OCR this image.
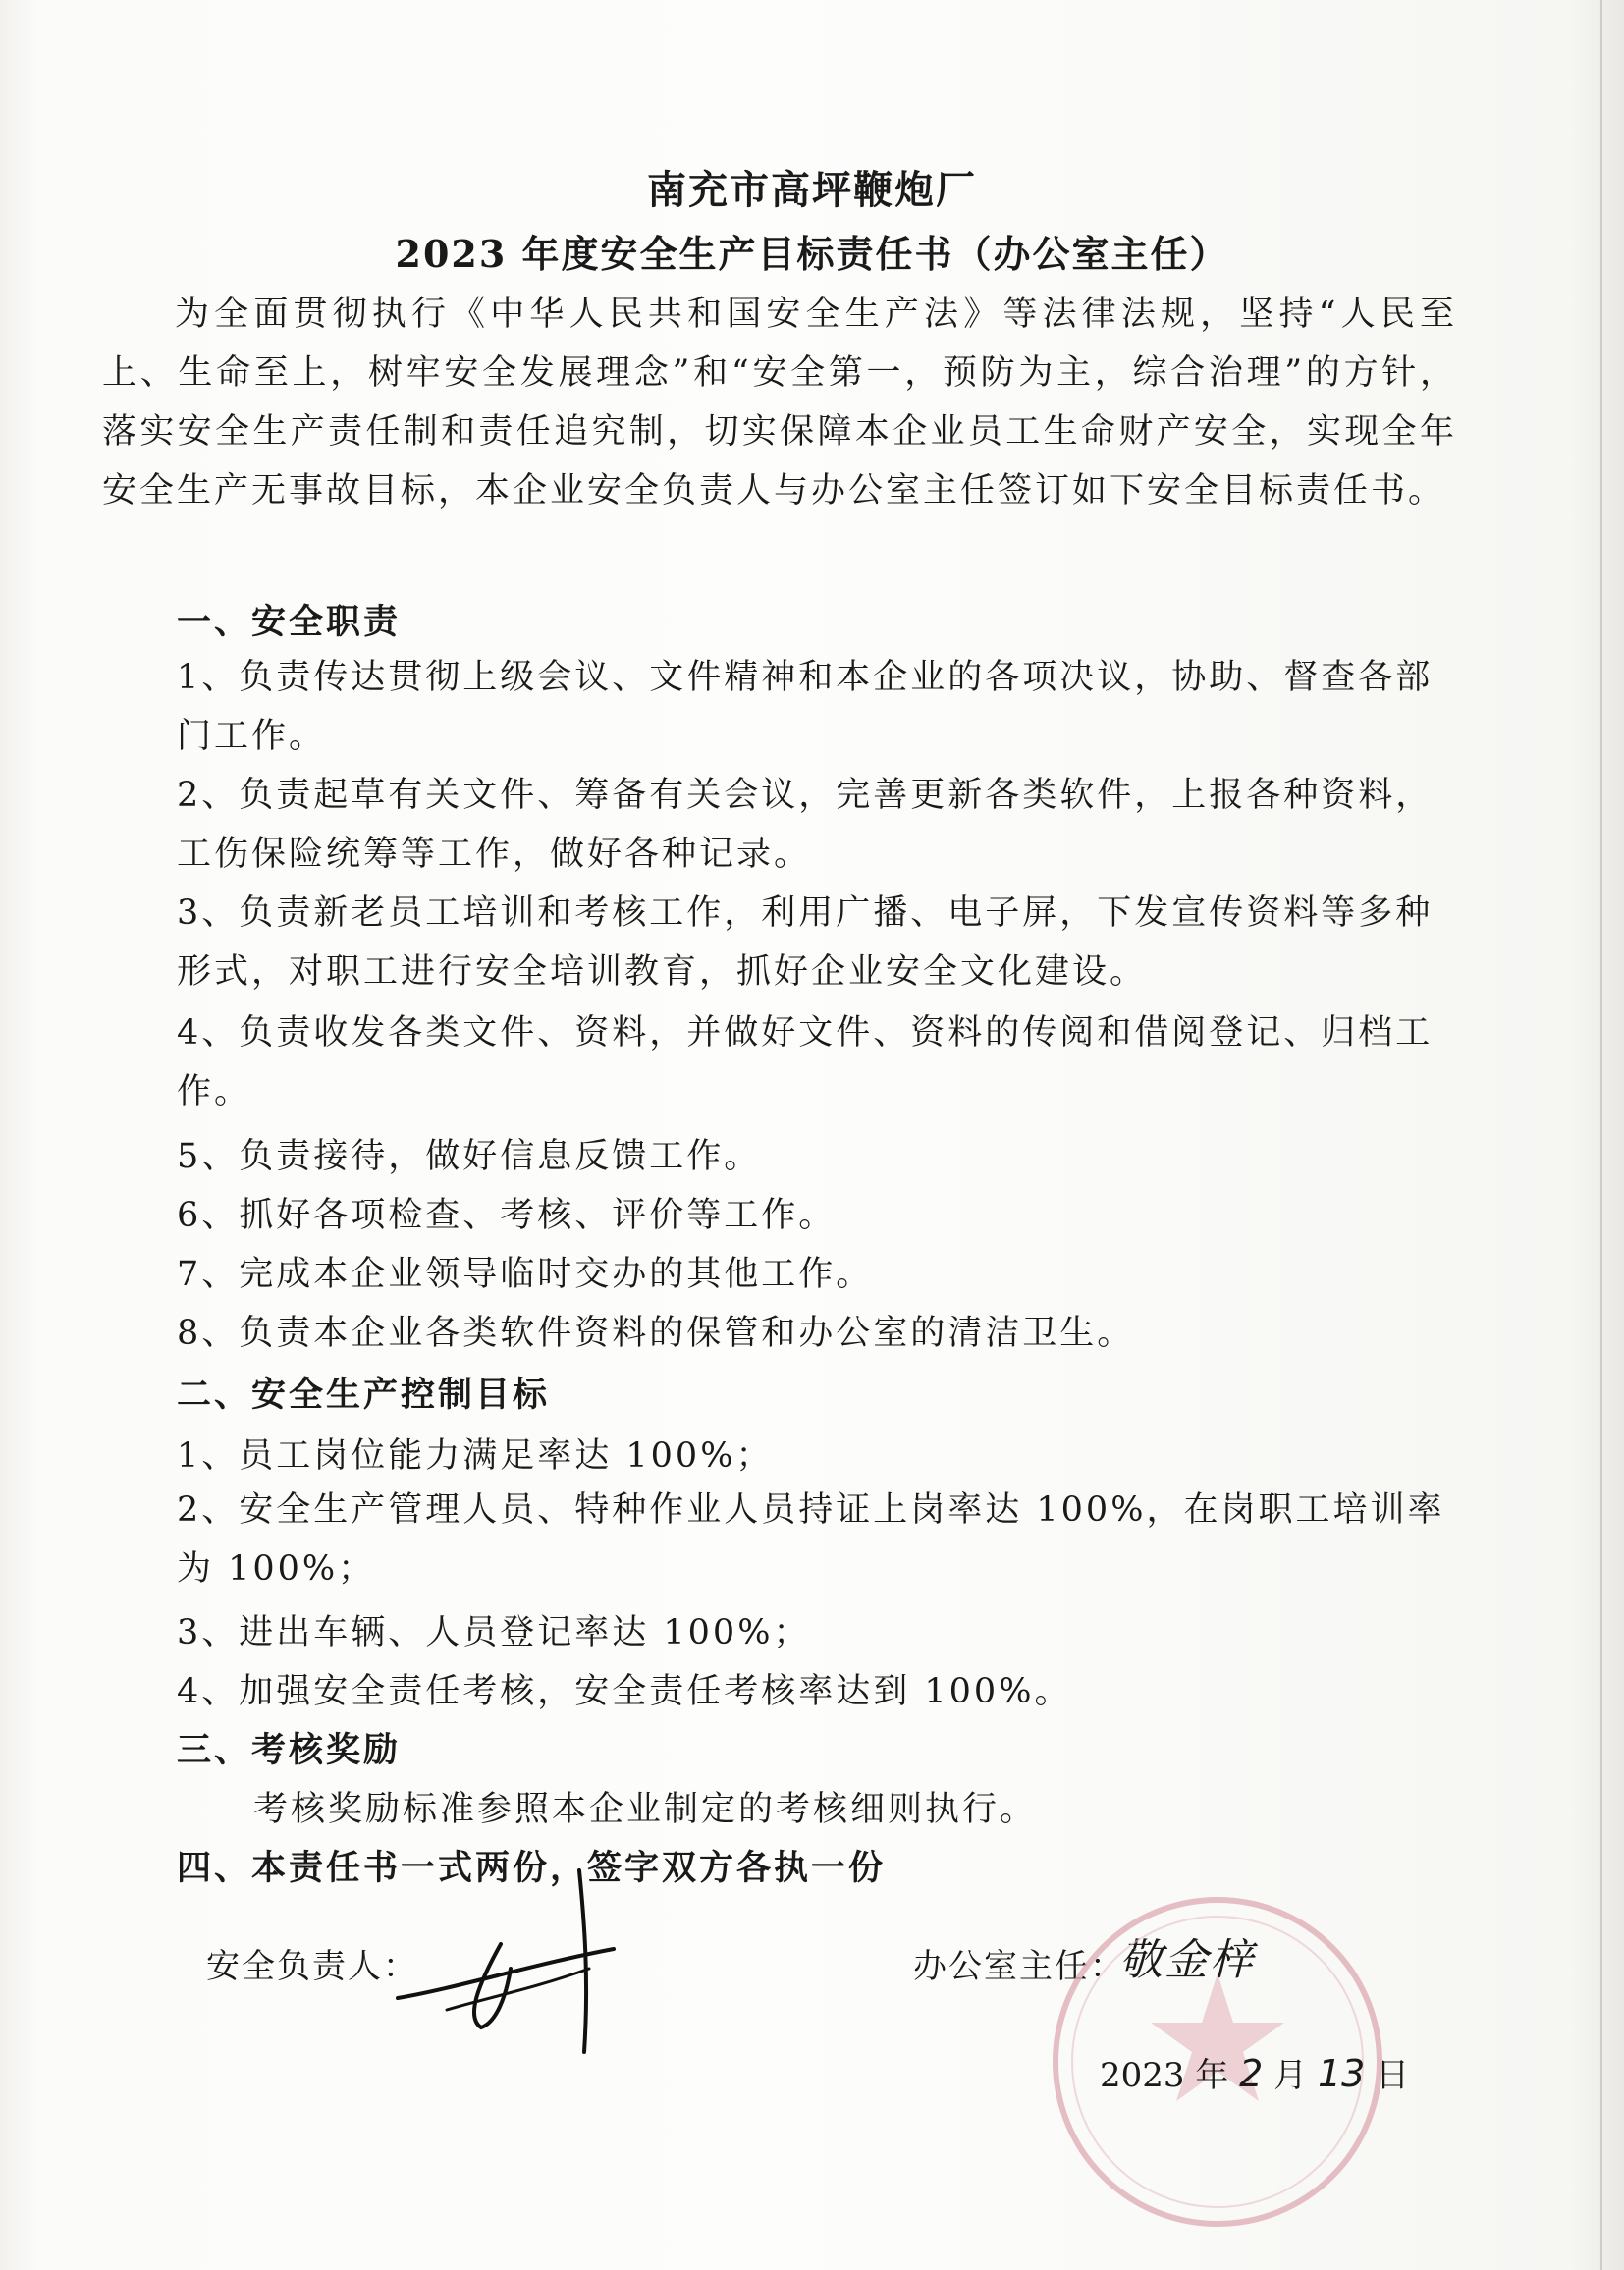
南充市高坪鞭炮厂
2023 年度安全生产目标责任书（办公室主任）
为全面贯彻执行《中华人民共和国安全生产法》等法律法规，坚持“人民至上、生命至上，树牢安全发展理念”和“安全第一，预防为主，综合治理”的方针，落实安全生产责任制和责任追究制，切实保障本企业员工生命财产安全，实现全年安全生产无事故目标，本企业安全负责人与办公室主任签订如下安全目标责任书。
一、安全职责
1、负责传达贯彻上级会议、文件精神和本企业的各项决议，协助、督查各部门工作。
2、负责起草有关文件、筹备有关会议，完善更新各类软件，上报各种资料，工伤保险统筹等工作，做好各种记录。
3、负责新老员工培训和考核工作，利用广播、电子屏，下发宣传资料等多种形式，对职工进行安全培训教育，抓好企业安全文化建设。
4、负责收发各类文件、资料，并做好文件、资料的传阅和借阅登记、归档工作。
5、负责接待，做好信息反馈工作。
6、抓好各项检查、考核、评价等工作。
7、完成本企业领导临时交办的其他工作。
8、负责本企业各类软件资料的保管和办公室的清洁卫生。
二、安全生产控制目标
1、员工岗位能力满足率达 100%；
2、安全生产管理人员、特种作业人员持证上岗率达 100%，在岗职工培训率为 100%；
3、进出车辆、人员登记率达 100%；
4、加强安全责任考核，安全责任考核率达到 100%。
三、考核奖励
考核奖励标准参照本企业制定的考核细则执行。
四、本责任书一式两份，签字双方各执一份
安全负责人：	办公室主任：
敬金梓
2023 年 2 月 13 日
